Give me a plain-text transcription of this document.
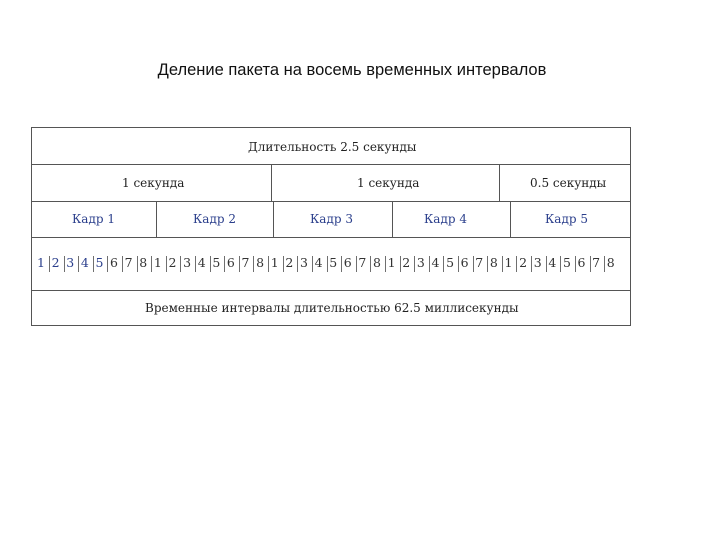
Деление пакета на восемь временных интервалов
Длительность 2.5 секунды
1 секунда	1 секунда	0.5 секунды
Кадр 1	Кадр 2	Кадр 3	Кадр 4	Кадр 5
1 2 3 4 5 6 7 8 1 2 3 4 5 6 7 8 1 2 3 4 5 6 7 8 1 2 3 4 5 6 7 8 1 2 3 4 5 6 7 8
Временные интервалы длительностью 62.5 миллисекунды
